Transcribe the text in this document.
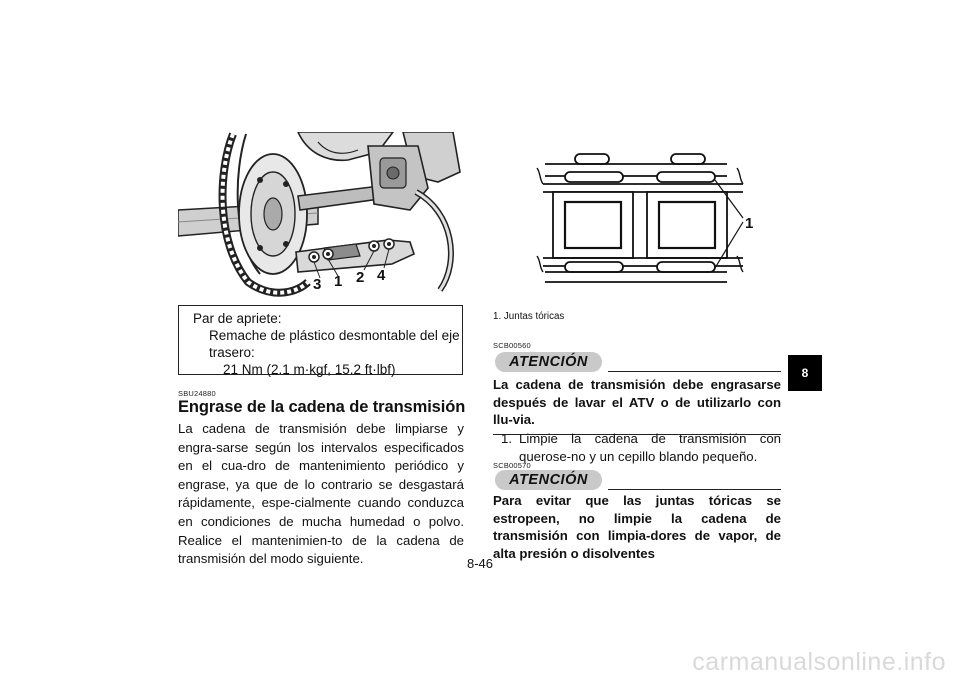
3 1 2 4
Par de apriete:
Remache de plástico desmontable del eje
trasero:
21 Nm (2.1 m·kgf, 15.2 ft·lbf)
SBU24880
Engrase de la cadena de transmisión
La cadena de transmisión debe limpiarse y engra-sarse según los intervalos especificados en el cua-dro de mantenimiento periódico y engrase, ya que de lo contrario se desgastará rápidamente, espe-cialmente cuando conduzca en condiciones de mucha humedad o polvo. Realice el mantenimien-to de la cadena de transmisión del modo siguiente.
1
1. Juntas tóricas
SCB00560
ATENCIÓN
La cadena de transmisión debe engrasarse después de lavar el ATV o de utilizarlo con llu-via.
1. Limpie la cadena de transmisión con querose-no y un cepillo blando pequeño.
SCB00570
ATENCIÓN
Para evitar que las juntas tóricas se estropeen, no limpie la cadena de transmisión con limpia-dores de vapor, de alta presión o disolventes
8
8-46
carmanualsonline.info
